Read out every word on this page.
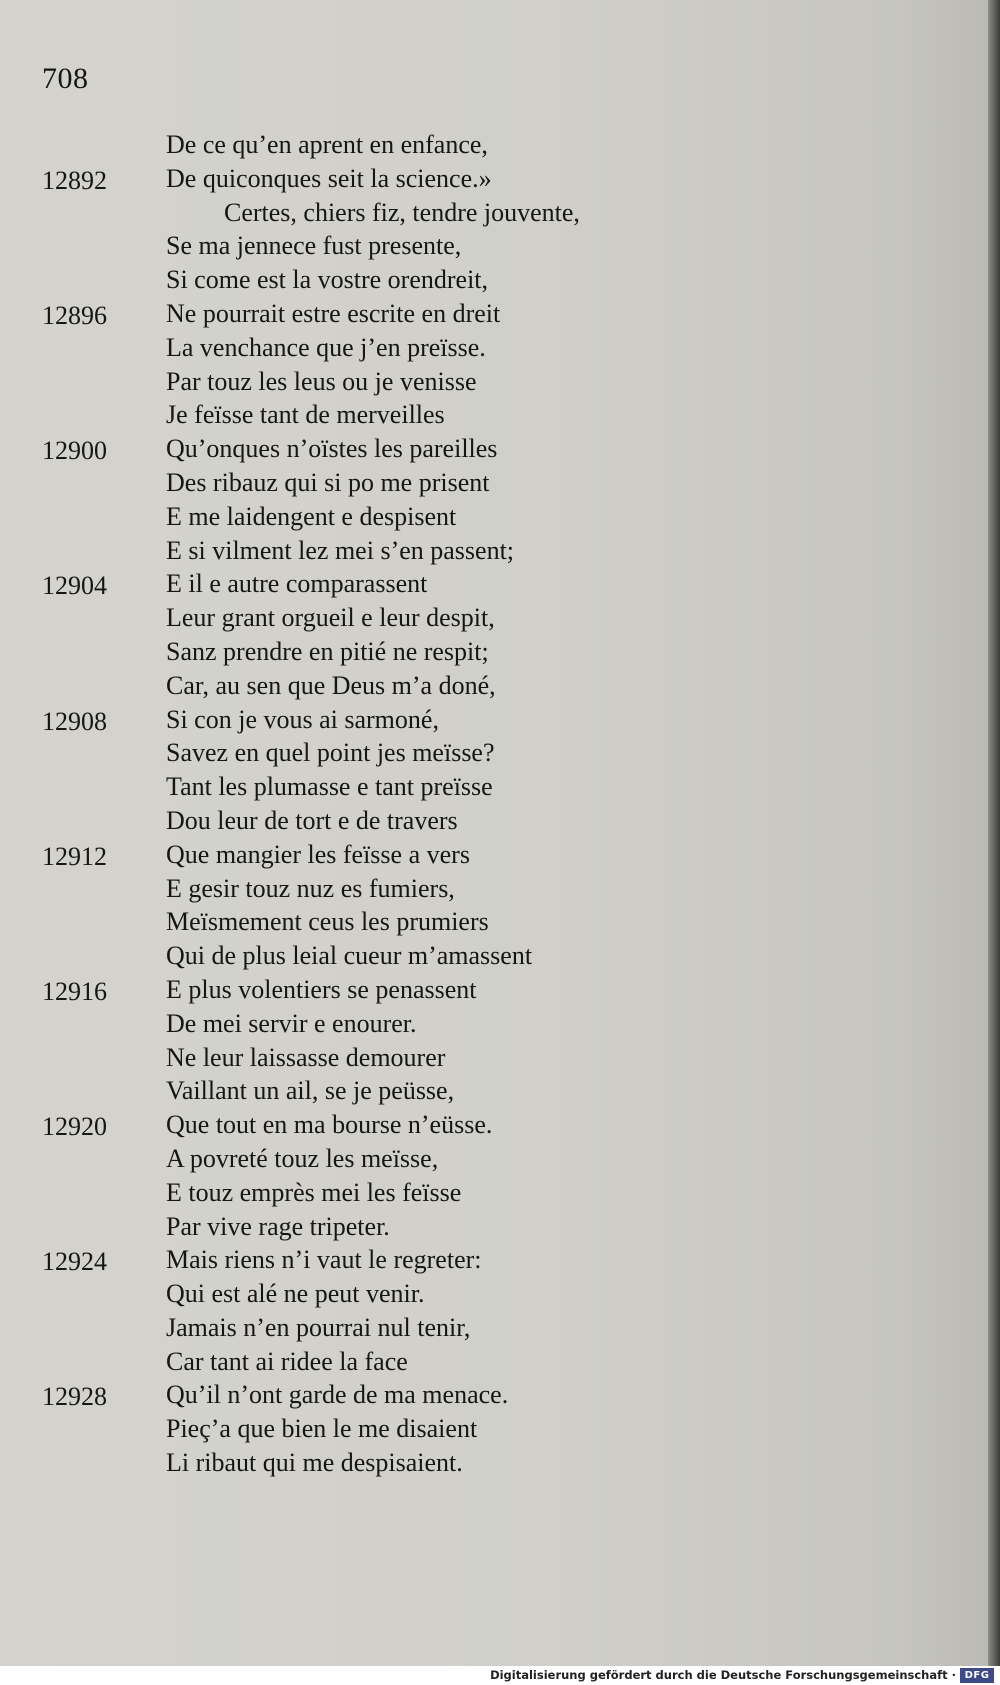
708
De ce qu’en aprent en enfance,
12892	De quiconques seit la science.»
Certes, chiers fiz, tendre jouvente,
Se ma jennece fust presente,
Si come est la vostre orendreit,
12896	Ne pourrait estre escrite en dreit
La venchance que j’en preïsse.
Par touz les leus ou je venisse
Je feïsse tant de merveilles
12900	Qu’onques n’oïstes les pareilles
Des ribauz qui si po me prisent
E me laidengent e despisent
E si vilment lez mei s’en passent;
12904	E il e autre comparassent
Leur grant orgueil e leur despit,
Sanz prendre en pitié ne respit;
Car, au sen que Deus m’a doné,
12908	Si con je vous ai sarmoné,
Savez en quel point jes meïsse?
Tant les plumasse e tant preïsse
Dou leur de tort e de travers
12912	Que mangier les feïsse a vers
E gesir touz nuz es fumiers,
Meïsmement ceus les prumiers
Qui de plus leial cueur m’amassent
12916	E plus volentiers se penassent
De mei servir e enourer.
Ne leur laissasse demourer
Vaillant un ail, se je peüsse,
12920	Que tout en ma bourse n’eüsse.
A povreté touz les meïsse,
E touz emprès mei les feïsse
Par vive rage tripeter.
12924	Mais riens n’i vaut le regreter:
Qui est alé ne peut venir.
Jamais n’en pourrai nul tenir,
Car tant ai ridee la face
12928	Qu’il n’ont garde de ma menace.
Pieç’a que bien le me disaient
Li ribaut qui me despisaient.
Digitalisierung gefördert durch die Deutsche Forschungsgemeinschaft · DFG
